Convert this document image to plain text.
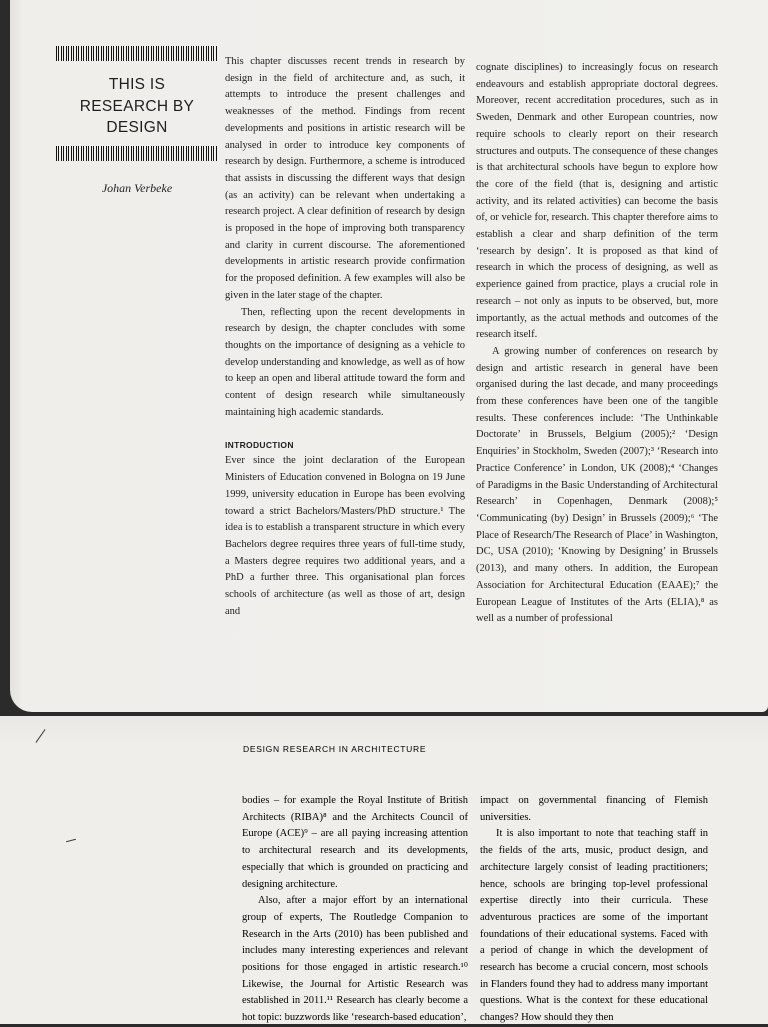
THIS IS
RESEARCH BY
DESIGN
Johan Verbeke

This chapter discusses recent trends in research by design in the field of architecture and, as such, it attempts to introduce the present challenges and weaknesses of the method. Findings from recent developments and positions in artistic research will be analysed in order to introduce key components of research by design. Furthermore, a scheme is introduced that assists in discussing the different ways that design (as an activity) can be relevant when undertaking a research project. A clear definition of research by design is proposed in the hope of improving both transparency and clarity in current discourse. The aforementioned developments in artistic research provide confirmation for the proposed definition. A few examples will also be given in the later stage of the chapter.

Then, reflecting upon the recent developments in research by design, the chapter concludes with some thoughts on the importance of designing as a vehicle to develop understanding and knowledge, as well as of how to keep an open and liberal attitude toward the form and content of design research while simultaneously maintaining high academic standards.

INTRODUCTION

Ever since the joint declaration of the European Ministers of Education convened in Bologna on 19 June 1999, university education in Europe has been evolving toward a strict Bachelors/Masters/PhD structure.¹ The idea is to establish a transparent structure in which every Bachelors degree requires three years of full-time study, a Masters degree requires two additional years, and a PhD a further three. This organisational plan forces schools of architecture (as well as those of art, design and

cognate disciplines) to increasingly focus on research endeavours and establish appropriate doctoral degrees. Moreover, recent accreditation procedures, such as in Sweden, Denmark and other European countries, now require schools to clearly report on their research structures and outputs. The consequence of these changes is that architectural schools have begun to explore how the core of the field (that is, designing and artistic activity, and its related activities) can become the basis of, or vehicle for, research. This chapter therefore aims to establish a clear and sharp definition of the term ‘research by design’. It is proposed as that kind of research in which the process of designing, as well as experience gained from practice, plays a crucial role in research – not only as inputs to be observed, but, more importantly, as the actual methods and outcomes of the research itself.

A growing number of conferences on research by design and artistic research in general have been organised during the last decade, and many proceedings from these conferences have been one of the tangible results. These conferences include: ‘The Unthinkable Doctorate’ in Brussels, Belgium (2005);² ‘Design Enquiries’ in Stockholm, Sweden (2007);³ ‘Research into Practice Conference’ in London, UK (2008);⁴ ‘Changes of Paradigms in the Basic Understanding of Architectural Research’ in Copenhagen, Denmark (2008);⁵ ‘Communicating (by) Design’ in Brussels (2009);⁶ ‘The Place of Research/The Research of Place’ in Washington, DC, USA (2010); ‘Knowing by Designing’ in Brussels (2013), and many others. In addition, the European Association for Architectural Education (EAAE);⁷ the European League of Institutes of the Arts (ELIA),⁸ as well as a number of professional

DESIGN RESEARCH IN ARCHITECTURE

bodies – for example the Royal Institute of British Architects (RIBA)⁸ and the Architects Council of Europe (ACE)⁹ – are all paying increasing attention to architectural research and its developments, especially that which is grounded on practicing and designing architecture.

Also, after a major effort by an international group of experts, The Routledge Companion to Research in the Arts (2010) has been published and includes many interesting experiences and relevant positions for those engaged in artistic research.¹⁰ Likewise, the Journal for Artistic Research was established in 2011.¹¹ Research has clearly become a hot topic: buzzwords like ‘research-based education’,

impact on governmental financing of Flemish universities.

It is also important to note that teaching staff in the fields of the arts, music, product design, and architecture largely consist of leading practitioners; hence, schools are bringing top-level professional expertise directly into their curricula. These adventurous practices are some of the important foundations of their educational systems. Faced with a period of change in which the development of research has become a crucial concern, most schools in Flanders found they had to address many important questions. What is the context for these educational changes? How should they then
